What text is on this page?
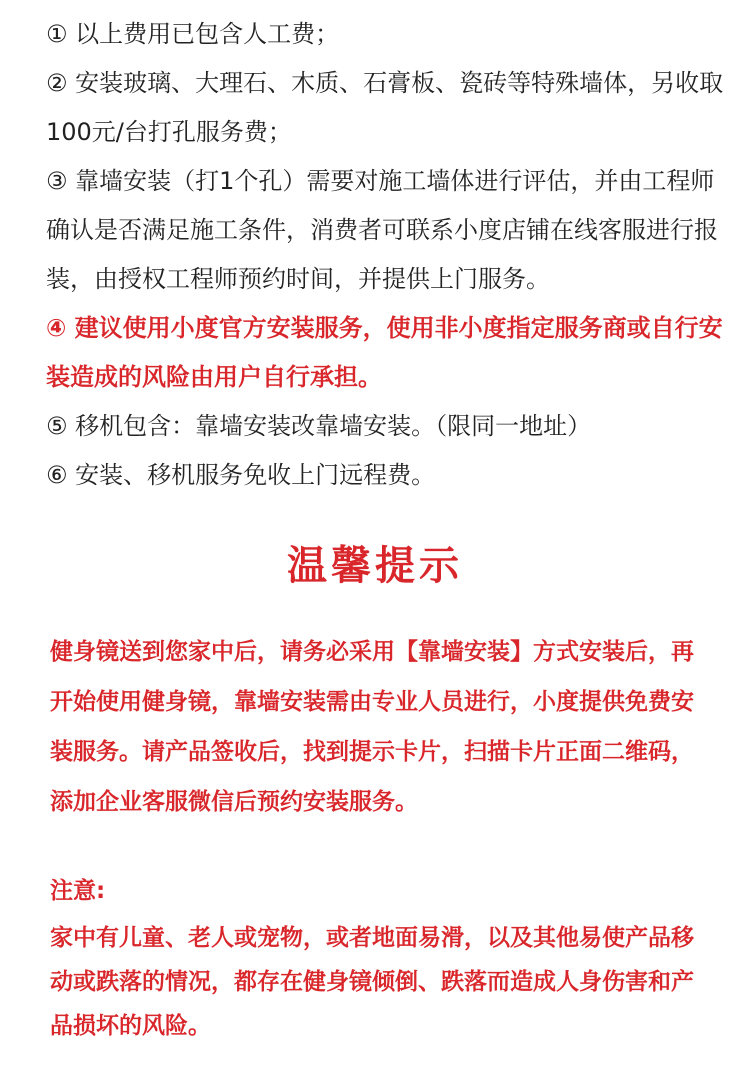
① 以上费用已包含人工费；

② 安装玻璃、大理石、木质、石膏板、瓷砖等特殊墙体，另收取100元/台打孔服务费；

③ 靠墙安装（打1个孔）需要对施工墙体进行评估，并由工程师确认是否满足施工条件，消费者可联系小度店铺在线客服进行报装，由授权工程师预约时间，并提供上门服务。

④ 建议使用小度官方安装服务，使用非小度指定服务商或自行安装造成的风险由用户自行承担。

⑤ 移机包含：靠墙安装改靠墙安装。（限同一地址）

⑥ 安装、移机服务免收上门远程费。

温馨提示

健身镜送到您家中后，请务必采用【靠墙安装】方式安装后，再开始使用健身镜，靠墙安装需由专业人员进行，小度提供免费安装服务。请产品签收后，找到提示卡片，扫描卡片正面二维码，添加企业客服微信后预约安装服务。

注意:

家中有儿童、老人或宠物，或者地面易滑，以及其他易使产品移动或跌落的情况，都存在健身镜倾倒、跌落而造成人身伤害和产品损坏的风险。
